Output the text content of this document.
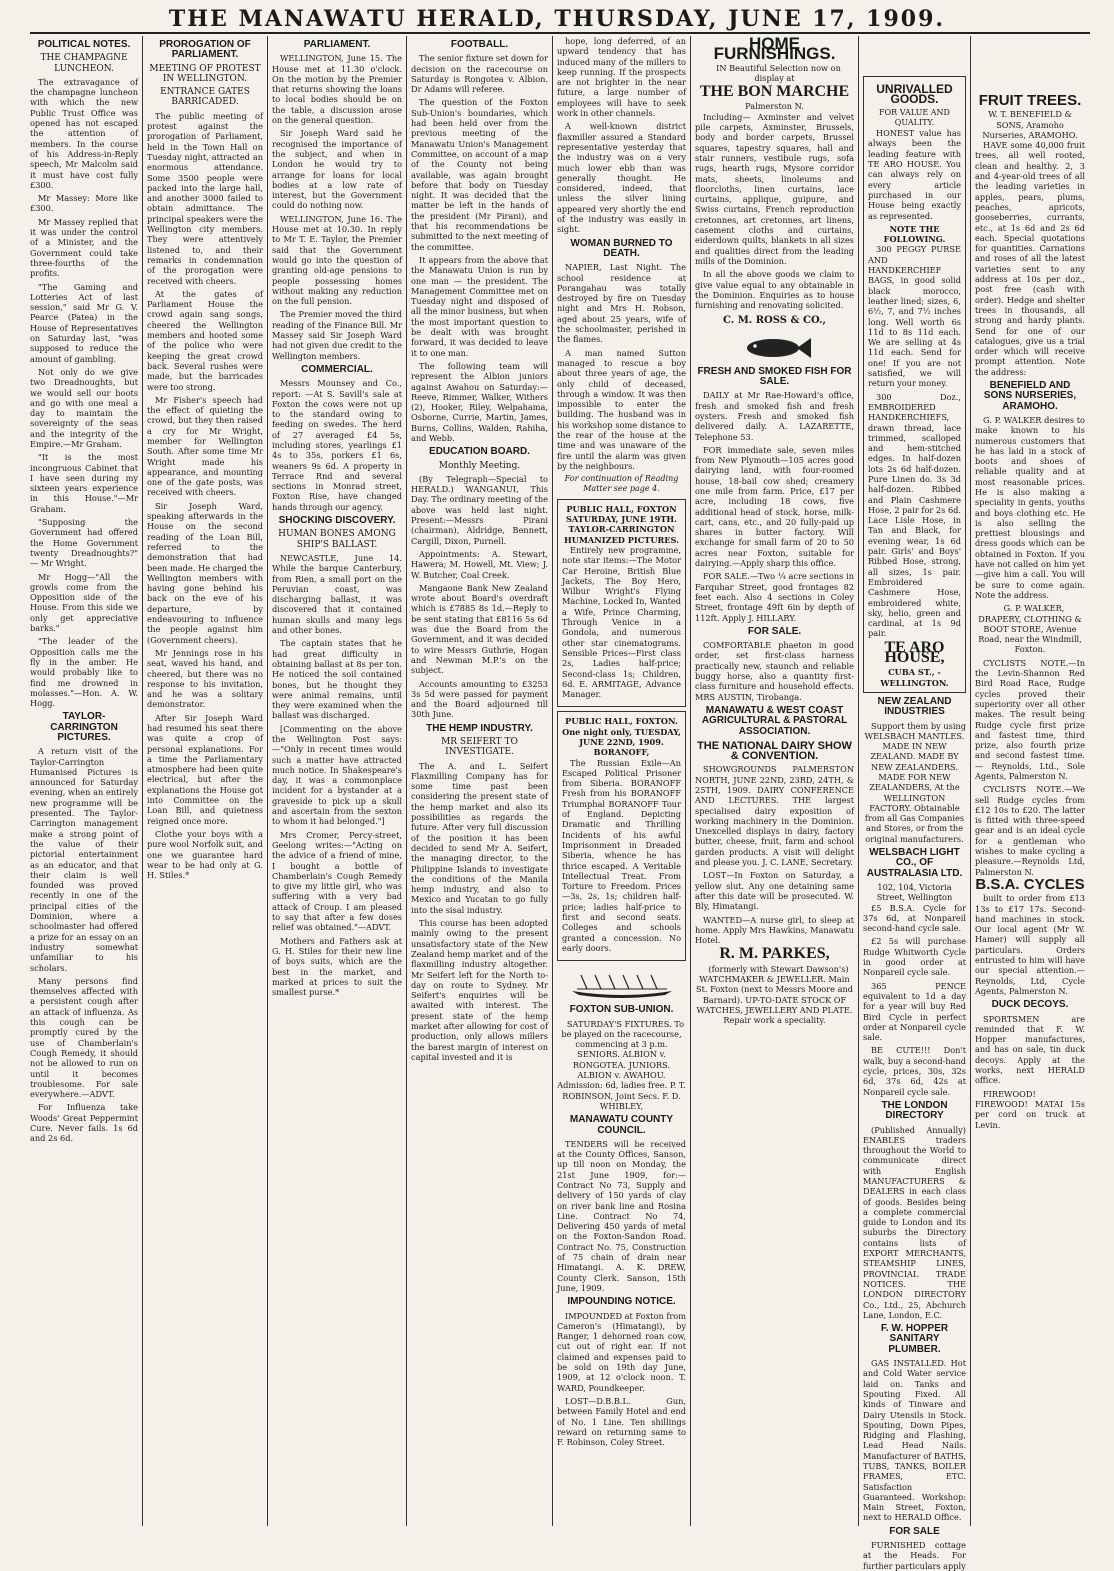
THE MANAWATU HERALD, THURSDAY, JUNE 17, 1909.
POLITICAL NOTES.
THE CHAMPAGNE LUNCHEON.

The extravagance of the champagne luncheon with which the new Public Trust Office was opened has not escaped the attention of members. In the course of his Address-in-Reply speech, Mr Malcolm said it must have cost fully £300.

Mr Massey: More like £300.

Mr Massey replied that it was under the control of a Minister, and the Government could take three-fourths of the profits.

"The Gaming and Lotteries Act of last session," said Mr G. V. Pearce (Patea) in the House of Representatives on Saturday last, "was supposed to reduce the amount of gambling.

Not only do we give two Dreadnoughts, but we would sell our boots and go with one meal a day to maintain the sovereignty of the seas and the integrity of the Empire.—Mr Graham.

"It is the most incongruous Cabinet that I have seen during my sixteen years experience in this House."—Mr Graham.

"Supposing the Government had offered the Home Government twenty Dreadnoughts?" — Mr Wright.

Mr Hogg—"All the growls come from the Opposition side of the House. From this side we only get appreciative barks."

"The leader of the Opposition calls me the fly in the amber. He would probably like to find me drowned in molasses."—Hon. A. W. Hogg.

TAYLOR-CARRINGTON PICTURES.

A return visit of the Taylor-Carrington Humanised Pictures is announced for Saturday evening, when an entirely new programme will be presented. The Taylor-Carrington management make a strong point of the value of their pictorial entertainment as an educator, and that their claim is well founded was proved recently in one of the principal cities of the Dominion, where a schoolmaster had offered a prize for an essay on an industry somewhat unfamiliar to his scholars.

Many persons find themselves affected with a persistent cough after an attack of influenza. As this cough can be promptly cured by the use of Chamberlain's Cough Remedy, it should not be allowed to run on until it becomes troublesome. For sale everywhere.—ADVT.

For Influenza take Woods' Great Peppermint Cure. Never fails. 1s 6d and 2s 6d.

PROROGATION OF PARLIAMENT.
MEETING OF PROTEST IN WELLINGTON.
ENTRANCE GATES BARRICADED.

The public meeting of protest against the prorogation of Parliament, held in the Town Hall on Tuesday night, attracted an enormous attendance. Some 3500 people were packed into the large hall, and another 3000 failed to obtain admittance. The principal speakers were the Wellington city members. They were attentively listened to, and their remarks in condemnation of the prorogation were received with cheers.

At the gates of Parliament House the crowd again sang songs, cheered the Wellington members and hooted some of the police who were keeping the great crowd back. Several rushes were made, but the barricades were too strong.

Mr Fisher's speech had the effect of quieting the crowd, but they then raised a cry for Mr Wright, member for Wellington South. After some time Mr Wright made his appearance, and mounting one of the gate posts, was received with cheers.

Sir Joseph Ward, speaking afterwards in the House on the second reading of the Loan Bill, referred to the demonstration that had been made. He charged the Wellington members with having gone behind his back on the eve of his departure, by endeavouring to influence the people against him (Government cheers).

Mr Jennings rose in his seat, waved his hand, and cheered, but there was no response to his invitation, and he was a solitary demonstrator.

After Sir Joseph Ward had resumed his seat there was quite a crop of personal explanations. For a time the Parliamentary atmosphere had been quite electrical, but after the explanations the House got into Committee on the Loan Bill, and quietness reigned once more.

Clothe your boys with a pure wool Norfolk suit, and one we guarantee hard wear to be had only at G. H. Stiles.*

PARLIAMENT.

WELLINGTON, June 15. The House met at 11.30 o'clock. On the motion by the Premier that returns showing the loans to local bodies should be on the table, a discussion arose on the general question.

Sir Joseph Ward said he recognised the importance of the subject, and when in London he would try to arrange for loans for local bodies at a low rate of interest, but the Government could do nothing now.

WELLINGTON, June 16. The House met at 10.30. In reply to Mr T. E. Taylor, the Premier said that the Government would go into the question of granting old-age pensions to people possessing homes without making any reduction on the full pension.

The Premier moved the third reading of the Finance Bill. Mr Massey said Sir Joseph Ward had not given due credit to the Wellington members.

COMMERCIAL.

Messrs Mounsey and Co., report: —At S. Savill's sale at Foxton the cows were not up to the standard owing to feeding on swedes. The herd of 27 averaged £4 5s, including stores, yearlings £1 4s to 35s, porkers £1 6s, weaners 9s 6d. A property in Terrace Rnd and several sections in Monrad street, Foxton Rise, have changed hands through our agency.

SHOCKING DISCOVERY.
HUMAN BONES AMONG SHIP'S BALLAST.

NEWCASTLE, June 14. While the barque Canterbury, from Rien, a small port on the Peruvian coast, was discharging ballast, it was discovered that it contained human skulls and many legs and other bones.

The captain states that he had great difficulty in obtaining ballast at 8s per ton. He noticed the soil contained bones, but he thought they were animal remains, until they were examined when the ballast was discharged.

[Commenting on the above the Wellington Post says:—"Only in recent times would such a matter have attracted much notice. In Shakespeare's day, it was a commonplace incident for a bystander at a graveside to pick up a skull and ascertain from the sexton to whom it had belonged."]

Mrs Cromer, Percy-street, Geelong writes:—"Acting on the advice of a friend of mine, I bought a bottle of Chamberlain's Cough Remedy to give my little girl, who was suffering with a very bad attack of Croup. I am pleased to say that after a few doses relief was obtained."—ADVT.

Mothers and Fathers ask at G. H. Stiles for their new line of boys suits, which are the best in the market, and marked at prices to suit the smallest purse.*

FOOTBALL.

The senior fixture set down for decision on the racecourse on Saturday is Rongotea v. Albion. Dr Adams will referee.

The question of the Foxton Sub-Union's boundaries, which had been held over from the previous meeting of the Manawatu Union's Management Committee, on account of a map of the County not being available, was again brought before that body on Tuesday night. It was decided that the matter be left in the hands of the president (Mr Pirani), and that his recommendations be submitted to the next meeting of the committee.

It appears from the above that the Manawatu Union is run by one man — the president. The Management Committee met on Tuesday night and disposed of all the minor business, but when the most important question to be dealt with was brought forward, it was decided to leave it to one man.

The following team will represent the Albion juniors against Awahou on Saturday:— Reeve, Rimmer, Walker, Withers (2), Hooker, Riley, Welpahama, Osborne, Currie, Martin, James, Burns, Collins, Walden, Rahiha, and Webb.

EDUCATION BOARD.
Monthly Meeting.

(By Telegraph—Special to HERALD.) WANGANUI, This Day. The ordinary meeting of the above was held last night. Present:—Messrs Pirani (chairman), Aldridge, Bennett, Cargill, Dixon, Purnell.

Appointments: A. Stewart, Hawera; M. Howell, Mt. View; J. W. Butcher, Coal Creek.

Mangaone Bank New Zealand wrote about Board's overdraft which is £7885 8s 1d.—Reply to be sent stating that £8116 5s 6d was due the Board from the Government, and it was decided to wire Messrs Guthrie, Hogan and Newman M.P.'s on the subject.

Accounts amounting to £3253 3s 5d were passed for payment and the Board adjourned till 30th June.

THE HEMP INDUSTRY.
MR SEIFERT TO INVESTIGATE.

The A. and L. Seifert Flaxmilling Company has for some time past been considering the present state of the hemp market and also its possibilities as regards the future. After very full discussion of the position it has been decided to send Mr A. Seifert, the managing director, to the Philippine Islands to investigate the conditions of the Manila hemp industry, and also to Mexico and Yucatan to go fully into the sisal industry.

This course has been adopted mainly owing to the present unsatisfactory state of the New Zealand hemp market and of the flaxmilling industry altogether. Mr Seifert left for the North to-day on route to Sydney. Mr Seifert's enquiries will be awaited with interest. The present state of the hemp market after allowing for cost of production, only allows millers the barest margin of interest on capital invested and it is

hope, long deferred, of an upward tendency that has induced many of the millers to keep running. If the prospects are not brighter in the near future, a large number of employees will have to seek work in other channels.

A well-known district flaxmiller assured a Standard representative yesterday that the industry was on a very much lower ebb than was generally thought. He considered, indeed, that unless the silver lining appeared very shortly the end of the industry was easily in sight.

WOMAN BURNED TO DEATH.

NAPIER, Last Night. The school residence at Porangahau was totally destroyed by fire on Tuesday night and Mrs H. Robson, aged about 25 years, wife of the schoolmaster, perished in the flames.

A man named Sutton managed to rescue a boy about three years of age, the only child of deceased, through a window. It was then impossible to enter the building. The husband was in his workshop some distance to the rear of the house at the time and was unaware of the fire until the alarm was given by the neighbours.

For continuation of Reading Matter see page 4.
PUBLIC HALL, FOXTON SATURDAY, JUNE 19TH. TAYLOR-CARRINGTON HUMANIZED PICTURES.

Entirely new programme, note star items:—The Motor Car Heroine, British Blue Jackets, The Boy Hero, Wilbur Wright's Flying Machine, Locked In, Wanted a Wife, Prince Charming, Through Venice in a Gondola, and numerous other star cinematograms. Sensible Prices—First class 2s, Ladies half-price; Second-class 1s; Children, 6d. E. ARMITAGE, Advance Manager.

PUBLIC HALL, FOXTON. One night only, TUESDAY, JUNE 22ND, 1909. BORANOFF,

The Russian Exile—An Escaped Political Prisoner from Siberia. BORANOFF Fresh from his BORANOFF Triumphal BORANOFF Tour of England. Depicting Dramatic and Thrilling Incidents of his awful Imprisonment in Dreaded Siberia, whence he has thrice escaped. A Veritable Intellectual Treat. From Torture to Freedom. Prices—3s, 2s, 1s; children half-price; ladies half-price to first and second seats. Colleges and schools granted a concession. No early doors.

FOXTON SUB-UNION.

SATURDAY'S FIXTURES. To be played on the racecourse, commencing at 3 p.m. SENIORS. ALBION v. RONGOTEA. JUNIORS. ALBION v. AWAHOU. Admission: 6d, ladies free. P. T. ROBINSON, Joint Secs. F. D. WHIBLEY,

MANAWATU COUNTY COUNCIL.

TENDERS will be received at the County Offices, Sanson, up till noon on Monday, the 21st June 1909, for:— Contract No 73, Supply and delivery of 150 yards of clay on river bank line and Rosina Line. Contract No 74, Delivering 450 yards of metal on the Foxton-Sandon Road. Contract No. 75, Construction of 75 chain of drain near Himatangi. A. K. DREW, County Clerk. Sanson, 15th June, 1909.

IMPOUNDING NOTICE.

IMPOUNDED at Foxton from Cameron's (Himatangi), by Ranger, 1 dehorned roan cow, cut out of right ear. If not claimed and expenses paid to be sold on 19th day June, 1909, at 12 o'clock noon. T. WARD, Poundkeeper.

LOST—D.B.B.L. Gun, between Family Hotel and end of No. 1 Line. Ten shillings reward on returning same to F. Robinson, Coley Street.

HOME FURNISHINGS.

IN Beautiful Selection now on display at

THE BON MARCHE
Palmerston N.

Including— Axminster and velvet pile carpets, Axminster, Brussels, body and border carpets, Brussel squares, tapestry squares, hall and stair runners, vestibule rugs, sofa rugs, hearth rugs, Mysore corridor mats, sheets, linoleums and floorcloths, linen curtains, lace curtains, applique, guipure, and Swiss curtains, French reproduction cretonnes, art cretonnes, art linens, casement cloths and curtains, eiderdown quilts, blankets in all sizes and qualities direct from the leading mills of the Dominion.

In all the above goods we claim to give value equal to any obtainable in the Dominion. Enquiries as to house furnishing and renovating solicited.

C. M. ROSS & CO.,
FRESH AND SMOKED FISH FOR SALE.

DAILY at Mr Rae-Howard's office, fresh and smoked fish and fresh oysters. Fresh and smoked fish delivered daily. A. LAZARETTE, Telephone 53.

FOR immediate sale, seven miles from New Plymouth—105 acres good dairying land, with four-roomed house, 18-bail cow shed; creamery one mile from farm. Price, £17 per acre, including 18 cows, five additional head of stock, horse, milk-cart, cans, etc., and 20 fully-paid up shares in butter factory. Will exchange for small farm of 20 to 50 acres near Foxton, suitable for dairying.—Apply sharp this office.

FOR SALE.—Two ¼ acre sections in Farquhar Street, good frontages 82 feet each. Also 4 sections in Coley Street, frontage 49ft 6in by depth of 112ft. Apply J. HILLARY.

FOR SALE.

COMFORTABLE phaeton in good order, set first-class harness practically new, staunch and reliable buggy horse, also a quantity first-class furniture and household effects. MRS AUSTIN, Tirobanga.

MANAWATU & WEST COAST AGRICULTURAL & PASTORAL ASSOCIATION.
THE NATIONAL DAIRY SHOW & CONVENTION.

SHOWGROUNDS PALMERSTON NORTH, JUNE 22ND, 23RD, 24TH, & 25TH, 1909. DAIRY CONFERENCE AND LECTURES. THE largest specialised dairy exposition of working machinery in the Dominion. Unexcelled displays in dairy, factory butter, cheese, fruit, farm and school garden products. A visit will delight and please you. J. C. LANE, Secretary.

LOST—In Foxton on Saturday, a yellow slut. Any one detaining same after this date will be prosecuted. W. Bly, Himatangi.

WANTED—A nurse girl, to sleep at home. Apply Mrs Hawkins, Manawatu Hotel.

R. M. PARKES,

(formerly with Stewart Dawson's) WATCHMAKER & JEWELLER. Main St. Foxton (next to Messrs Moore and Barnard). UP-TO-DATE STOCK OF WATCHES, JEWELLERY AND PLATE. Repair work a speciality.

UNRIVALLED GOODS.
FOR VALUE AND QUALITY.

HONEST value has always been the leading feature with TE ARO HOUSE. You can always rely on every article purchased in our House being exactly as represented.

NOTE THE FOLLOWING.

300 PEGGY PURSE AND HANDKERCHIEF BAGS, in good solid black morocco, leather lined; sizes, 6, 6½, 7, and 7½ inches long. Well worth 6s 11d to 8s 11d each. We are selling at 4s 11d each. Send for one! If you are not satisfied, we will return your money.

300 Doz., EMBROIDERED HANDKERCHIEFS, drawn thread, lace trimmed, scalloped and hem-stitched edges. In half-dozen lots 2s 6d half-dozen. Pure Linen do. 3s 3d half-dozen. Ribbed and Plain Cashmere Hose, 2 pair for 2s 6d. Lace Lisle Hose, in Tan and Black, for evening wear, 1s 6d pair. Girls' and Boys' Ribbed Hose, strong, all sizes, 1s pair. Embroidered Cashmere Hose, embroidered white, sky, helio, green and cardinal, at 1s 9d pair.

TE ARO HOUSE,
CUBA ST., - WELLINGTON.
NEW ZEALAND INDUSTRIES

Support them by using WELSBACH MANTLES. MADE IN NEW ZEALAND. MADE BY NEW ZEALANDERS. MADE FOR NEW ZEALANDERS, At the WELLINGTON FACTORY. Obtainable from all Gas Companies and Stores, or from the original manufacturers.

WELSBACH LIGHT CO., OF AUSTRALASIA LTD.
102, 104, Victoria Street, Wellington

£5 B.S.A. Cycle for 37s 6d, at Nonpareil second-hand cycle sale.

£2 5s will purchase Rudge Whitworth Cycle in good order at Nonpareil cycle sale.

365 PENCE equivalent to 1d a day for a year will buy Red Bird Cycle in perfect order at Nonpareil cycle sale.

BE CUTE!!! Don't walk, buy a second-hand cycle, prices, 30s, 32s 6d, 37s 6d, 42s at Nonpareil cycle sale.

THE LONDON DIRECTORY

(Published Annually) ENABLES traders throughout the World to communicate direct with English MANUFACTURERS & DEALERS in each class of goods. Besides being a complete commercial guide to London and its suburbs the Directory contains lists of EXPORT MERCHANTS, STEAMSHIP LINES, PROVINCIAL TRADE NOTICES. THE LONDON DIRECTORY Co., Ltd., 25, Abchurch Lane, London, E.C.

F. W. HOPPER SANITARY PLUMBER.

GAS INSTALLED. Hot and Cold Water service laid on. Tanks and Spouting Fixed. All kinds of Tinware and Dairy Utensils in Stock. Spouting, Down Pipes, Ridging and Flashing, Lead Head Nails. Manufacturer of BATHS, TUBS, TANKS, BOILER FRAMES, ETC. Satisfaction Guaranteed. Workshop: Main Street, Foxton, next to HERALD Office.

FOR SALE

FURNISHED cottage at the Heads. For further particulars apply

FRUIT TREES.
W. T. BENEFIELD & SONS, Aramoho Nurseries, ARAMOHO.

HAVE some 40,000 fruit trees, all well rooted, clean and healthy. 2, 3 and 4-year-old trees of all the leading varieties in apples, pears, plums, peaches, apricots, gooseberries, currants, etc., at 1s 6d and 2s 6d each. Special quotations for quantities. Carnations and roses of all the latest varieties sent to any address at 10s per doz., post free (cash with order). Hedge and shelter trees in thousands, all strong and hardy plants. Send for one of our catalogues, give us a trial order which will receive prompt attention. Note the address:

BENEFIELD AND SONS NURSERIES, ARAMOHO.

G. P. WALKER desires to make known to his numerous customers that he has laid in a stock of boots and shoes of reliable quality and at most reasonable prices. He is also making a speciality in gents, youths and boys clothing etc. He is also selling the prettiest blousings and dress goods which can be obtained in Foxton. If you have not called on him yet—give him a call. You will be sure to come again. Note the address.

G. P. WALKER, DRAPERY, CLOTHING & BOOT STORE, Avenue Road, near the Windmill, Foxton.

CYCLISTS NOTE.—In the Levin-Shannon Red Bird Road Race, Rudge cycles proved their superiority over all other makes. The result being Rudge cycle first prize and fastest time, third prize, also fourth prize and second fastest time. — Reynolds, Ltd., Sole Agents, Palmerston N.

CYCLISTS NOTE.—We sell Rudge cycles from £12 10s to £20. The latter is fitted with three-speed gear and is an ideal cycle for a gentleman who wishes to make cycling a pleasure.—Reynolds Ltd, Palmerston N.

B.S.A. CYCLES

built to order from £13 13s to £17 17s. Second-hand machines in stock. Our local agent (Mr W. Hamer) will supply all particulars. Orders entrusted to him will have our special attention.—Reynolds, Ltd, Cycle Agents, Palmerston N.

DUCK DECOYS.

SPORTSMEN are reminded that F. W. Hopper manufactures, and has on sale, tin duck decoys. Apply at the works, next HERALD office.

FIREWOOD! FIREWOOD! MATAI 15s per cord on truck at Levin.
